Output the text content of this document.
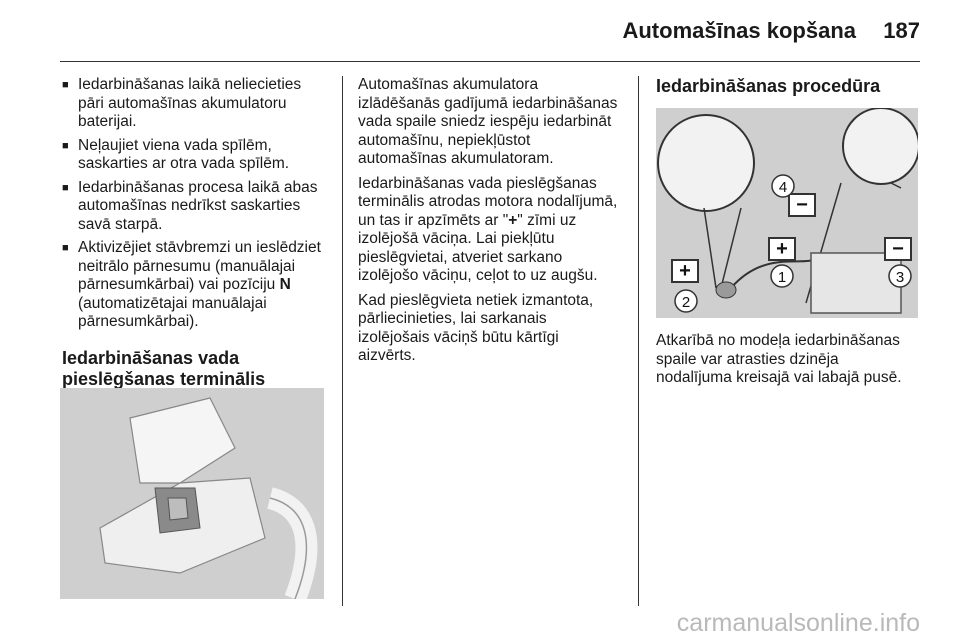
Automašīnas kopšana 187
■ Iedarbināšanas laikā neliecieties pāri automašīnas akumulatoru baterijai.
■ Neļaujiet viena vada spīlēm, saskarties ar otra vada spīlēm.
■ Iedarbināšanas procesa laikā abas automašīnas nedrīkst saskarties savā starpā.
■ Aktivizējiet stāvbremzi un ieslēdziet neitrālo pārnesumu (manuālajai pārnesumkārbai) vai pozīciju N (automatizētajai manuālajai pārnesumkārbai).
Iedarbināšanas vada pieslēgšanas terminālis

Automašīnas akumulatora izlādēšanās gadījumā iedarbināšanas vada spaile sniedz iespēju iedarbināt automašīnu, nepiekļūstot automašīnas akumulatoram.

Iedarbināšanas vada pieslēgšanas terminālis atrodas motora nodalījumā, un tas ir apzīmēts ar "+" zīmi uz izolējošā vāciņa. Lai piekļūtu pieslēgvietai, atveriet sarkano izolējošo vāciņu, ceļot to uz augšu.

Kad pieslēgvieta netiek izmantota, pārliecinieties, lai sarkanais izolējošais vāciņš būtu kārtīgi aizvērts.

Iedarbināšanas procedūra
+
+
−
−
1
2
3
4

Atkarībā no modeļa iedarbināšanas spaile var atrasties dzinēja nodalījuma kreisajā vai labajā pusē.

carmanualsonline.info
